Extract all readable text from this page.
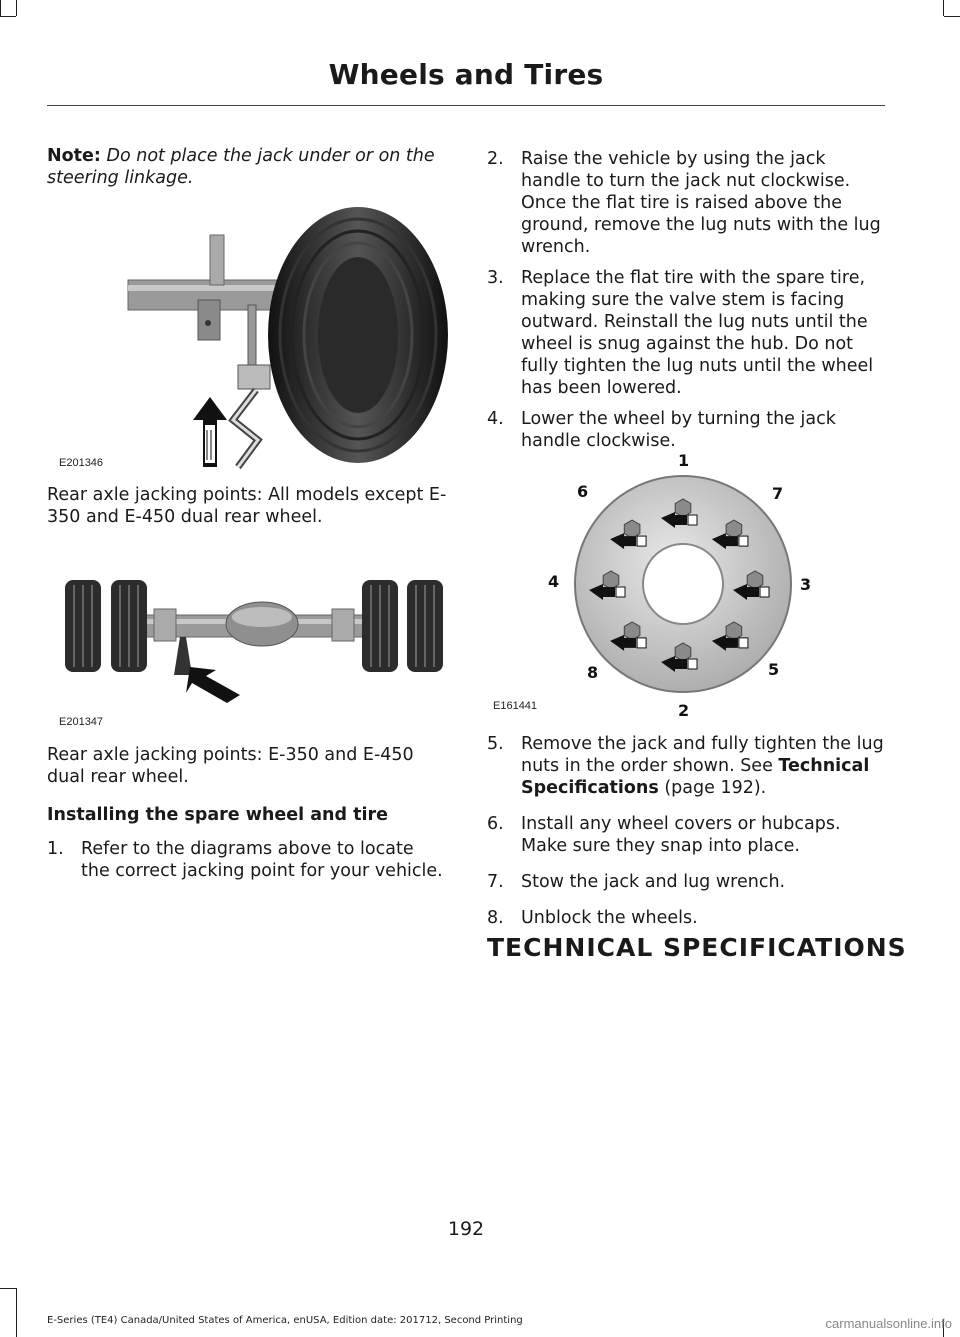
Wheels and Tires

Note: Do not place the jack under or on the steering linkage.

E201346

Rear axle jacking points: All models except E-350 and E-450 dual rear wheel.

E201347

Rear axle jacking points: E-350 and E-450 dual rear wheel.

Installing the spare wheel and tire

1. Refer to the diagrams above to locate the correct jacking point for your vehicle.
2. Raise the vehicle by using the jack handle to turn the jack nut clockwise. Once the flat tire is raised above the ground, remove the lug nuts with the lug wrench.
3. Replace the flat tire with the spare tire, making sure the valve stem is facing outward. Reinstall the lug nuts until the wheel is snug against the hub. Do not fully tighten the lug nuts until the wheel has been lowered.
4. Lower the wheel by turning the jack handle clockwise.
1
7
3
5
2
8
4
6
E161441
5. Remove the jack and fully tighten the lug nuts in the order shown. See Technical Specifications (page 192).
6. Install any wheel covers or hubcaps. Make sure they snap into place.
7. Stow the jack and lug wrench.
8. Unblock the wheels.
TECHNICAL SPECIFICATIONS
192
E-Series (TE4) Canada/United States of America, enUSA, Edition date: 201712, Second Printing	carmanualsonline.info
